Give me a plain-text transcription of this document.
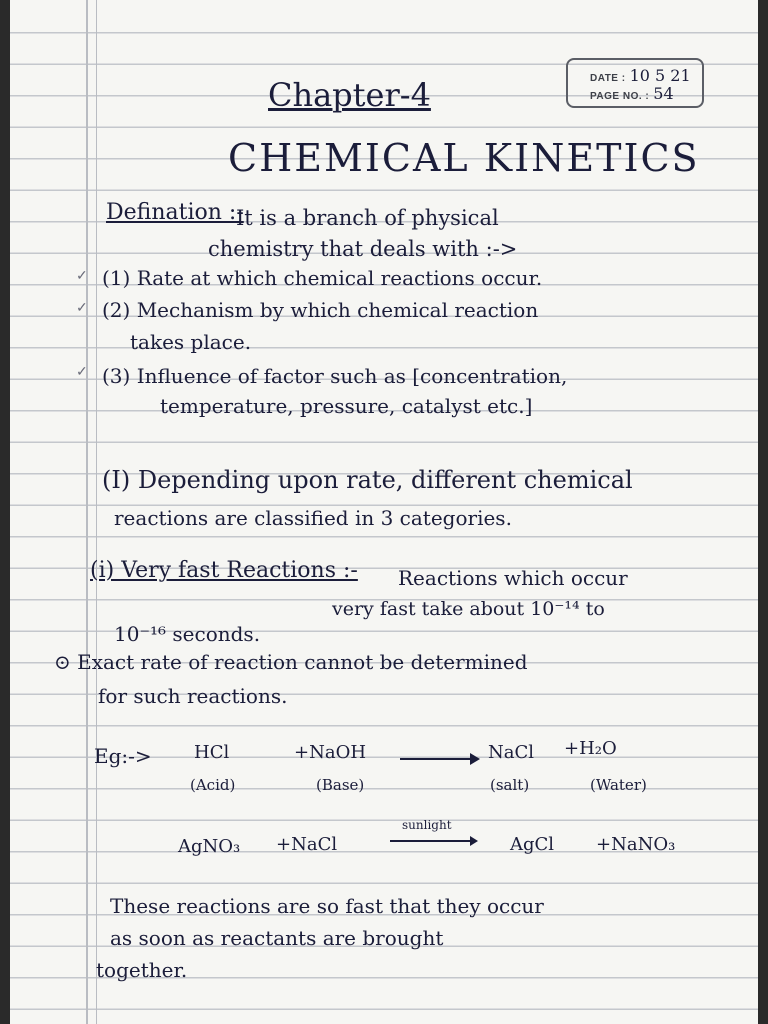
DATE : 10 5 21
PAGE NO. : 54
Chapter-4
CHEMICAL KINETICS
Defination :-
It is a branch of physical
chemistry that deals with :->
✓
✓
✓
(1) Rate at which chemical reactions occur.
(2) Mechanism by which chemical reaction
takes place.
(3) Influence of factor such as [concentration,
temperature, pressure, catalyst etc.]
(I) Depending upon rate, different chemical
reactions are classified in 3 categories.
(i) Very fast Reactions :- Reactions which occur
very fast take about 10⁻¹⁴ to
10⁻¹⁶ seconds.
⊙ Exact rate of reaction cannot be determined
for such reactions.
Eg:-> HCl	+NaOH	NaCl +H₂O
(Acid)	(Base)	(salt)	(Water)
AgNO₃ +NaCl
sunlight
AgCl +NaNO₃
These reactions are so fast that they occur
as soon as reactants are brought
together.
